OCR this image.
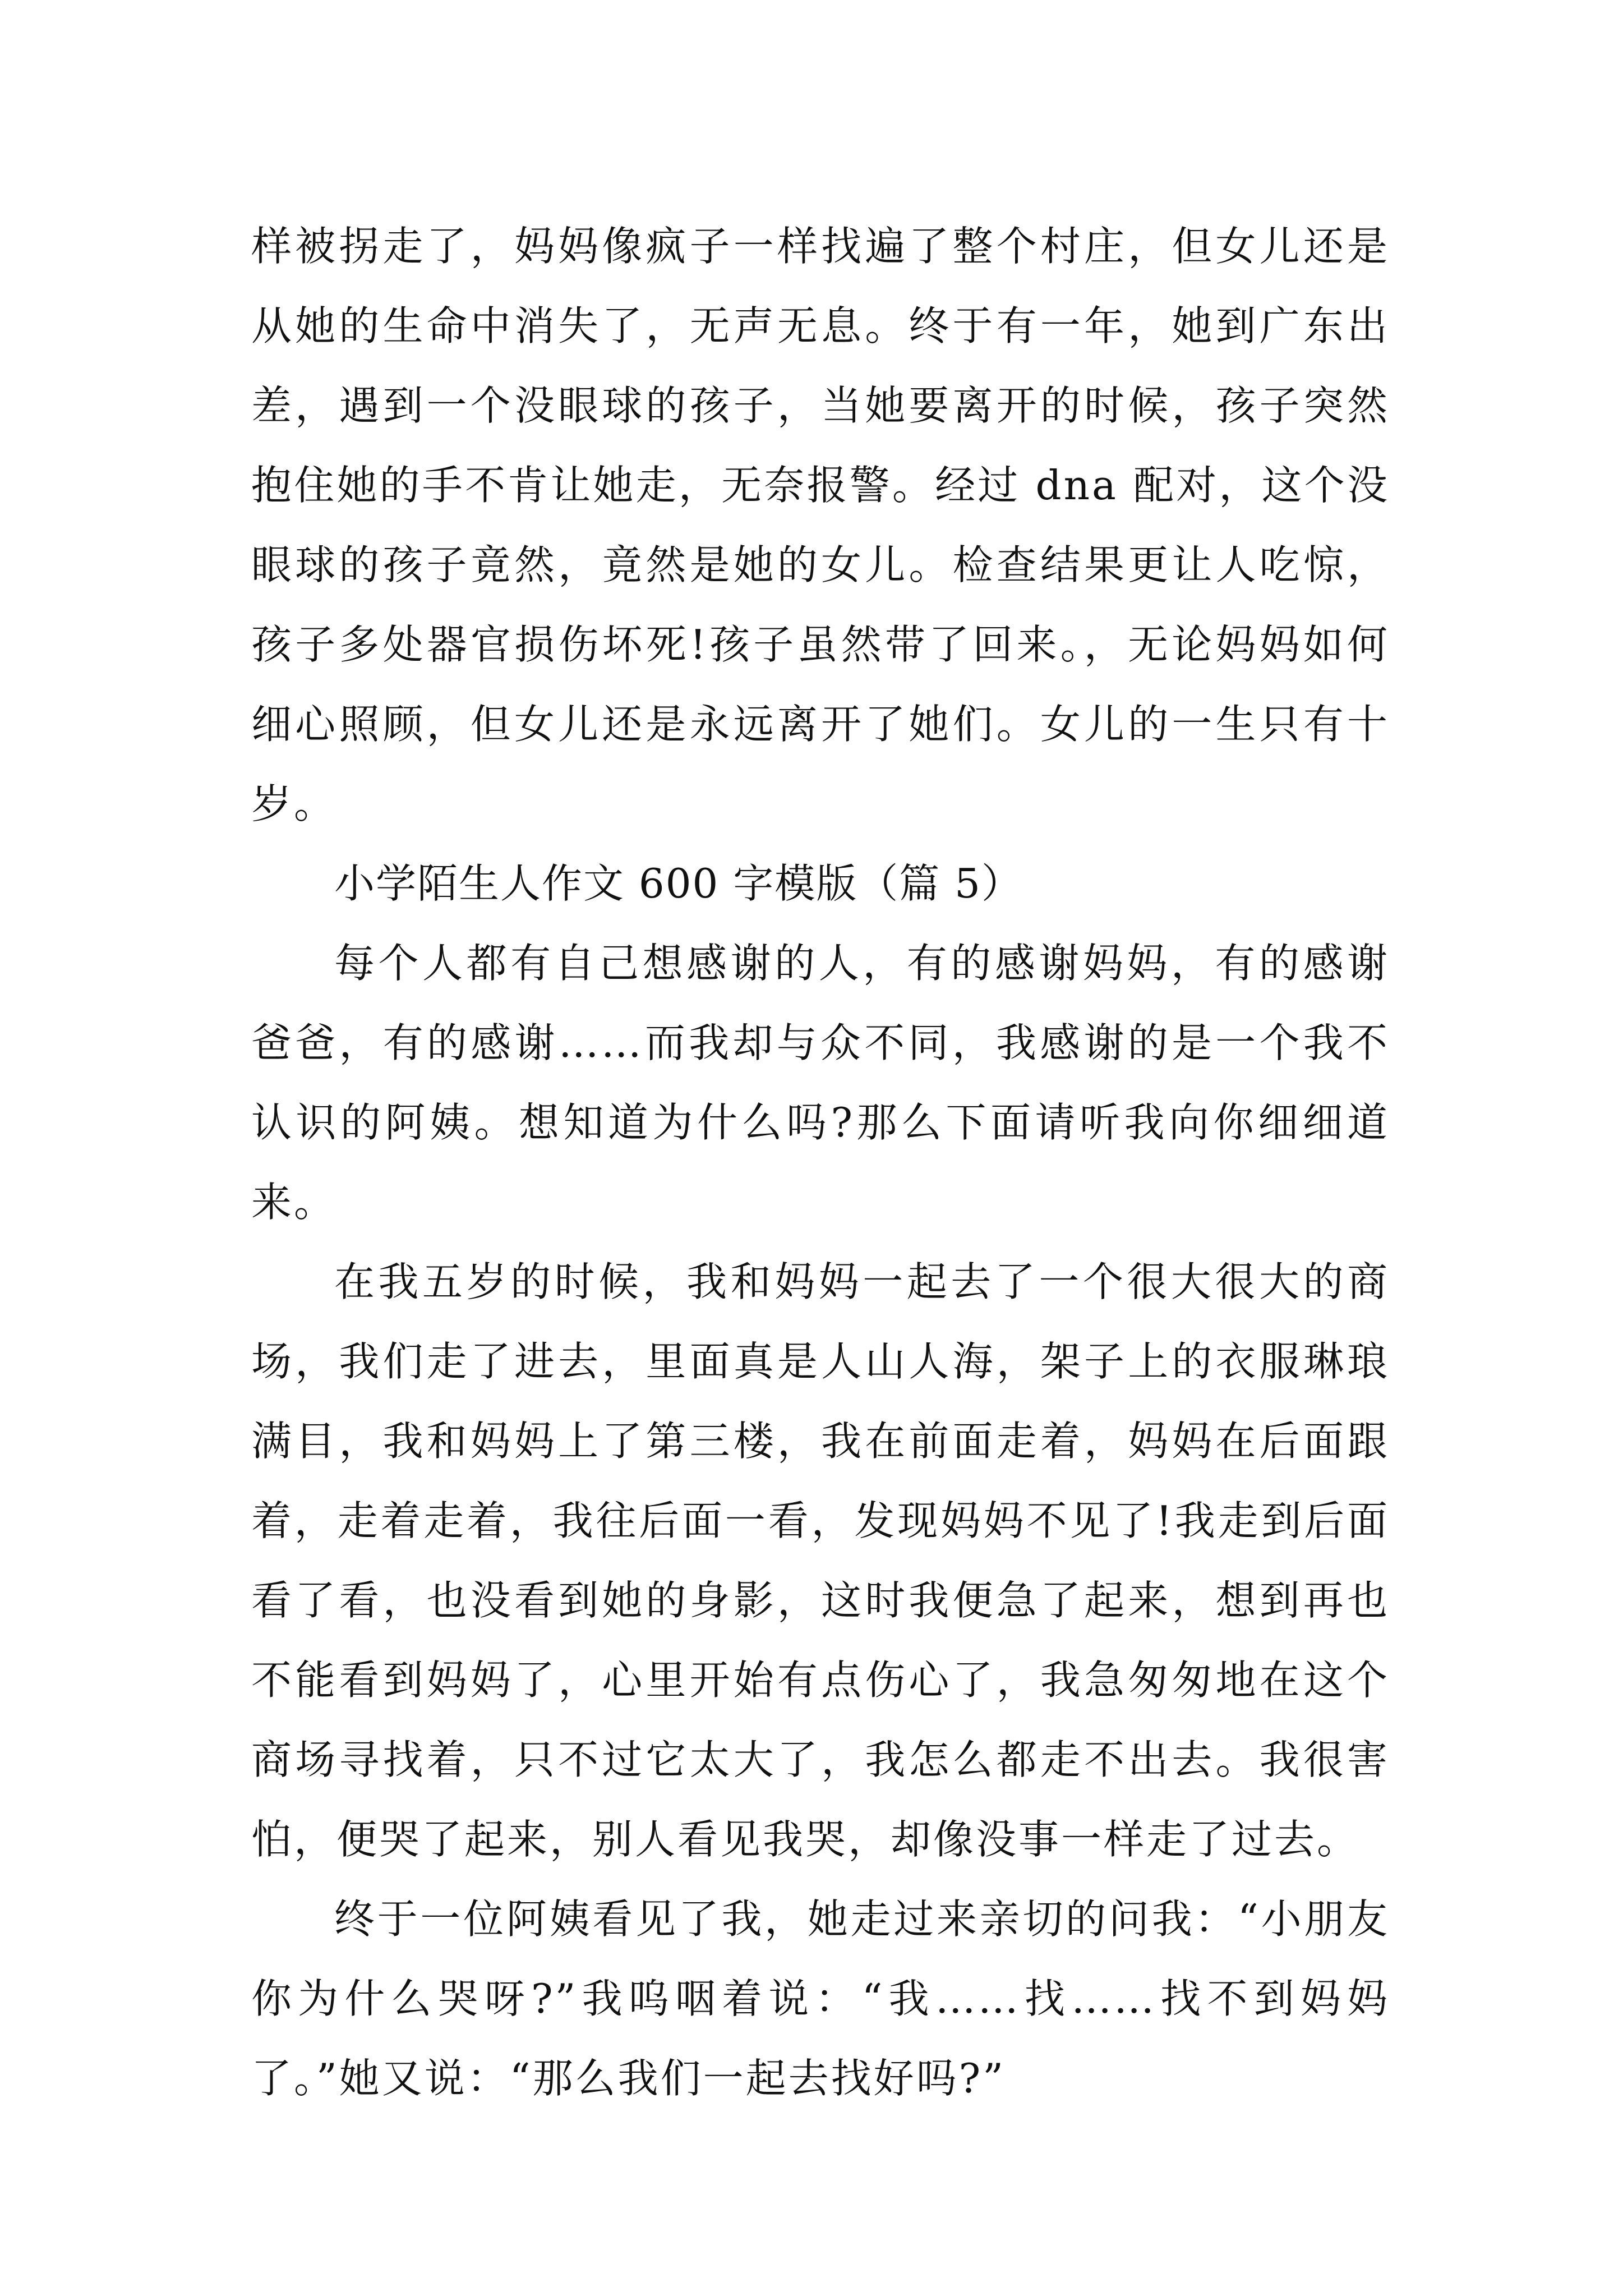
样被拐走了，妈妈像疯子一样找遍了整个村庄，但女儿还是从她的生命中消失了，无声无息。终于有一年，她到广东出差，遇到一个没眼球的孩子，当她要离开的时候，孩子突然抱住她的手不肯让她走，无奈报警。经过 dna 配对，这个没眼球的孩子竟然，竟然是她的女儿。检查结果更让人吃惊，孩子多处器官损伤坏死!孩子虽然带了回来。，无论妈妈如何细心照顾，但女儿还是永远离开了她们。女儿的一生只有十岁。

小学陌生人作文 600 字模版（篇 5）

每个人都有自己想感谢的人，有的感谢妈妈，有的感谢爸爸，有的感谢……而我却与众不同，我感谢的是一个我不认识的阿姨。想知道为什么吗?那么下面请听我向你细细道来。

在我五岁的时候，我和妈妈一起去了一个很大很大的商场，我们走了进去，里面真是人山人海，架子上的衣服琳琅满目，我和妈妈上了第三楼，我在前面走着，妈妈在后面跟着，走着走着，我往后面一看，发现妈妈不见了!我走到后面看了看，也没看到她的身影，这时我便急了起来，想到再也不能看到妈妈了，心里开始有点伤心了，我急匆匆地在这个商场寻找着，只不过它太大了，我怎么都走不出去。我很害怕，便哭了起来，别人看见我哭，却像没事一样走了过去。

终于一位阿姨看见了我，她走过来亲切的问我：“小朋友你为什么哭呀?”我呜咽着说：“我……找……找不到妈妈了。”她又说：“那么我们一起去找好吗?”
